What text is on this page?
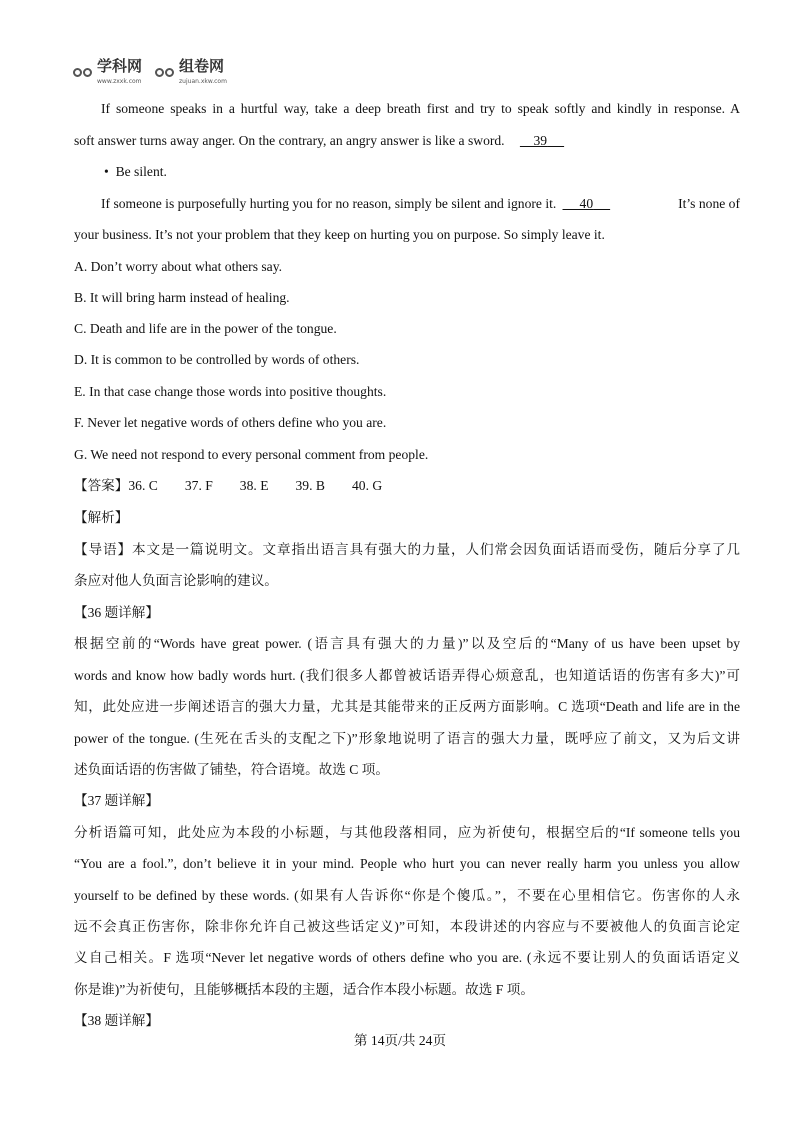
学科网
www.zxxk.com
组卷网
zujuan.xkw.com
If someone speaks in a hurtful way, take a deep breath first and try to speak softly and kindly in response. A
soft answer turns away anger. On the contrary, an angry answer is like a sword. 39
•  Be silent.
If someone is purposefully hurting you for no reason, simply be silent and ignore it. 40	It’s none of
your business. It’s not your problem that they keep on hurting you on purpose. So simply leave it.
A. Don’t worry about what others say.
B. It will bring harm instead of healing.
C. Death and life are in the power of the tongue.
D. It is common to be controlled by words of others.
E. In that case change those words into positive thoughts.
F. Never let negative words of others define who you are.
G. We need not respond to every personal comment from people.
【答案】36. C 37. F 38. E 39. B 40. G
【解析】
【导语】本文是一篇说明文。文章指出语言具有强大的力量，人们常会因负面话语而受伤，随后分享了几
条应对他人负面言论影响的建议。
【36 题详解】
根据空前的“Words have great power. (语言具有强大的力量)”以及空后的“Many of us have been upset by
words and know how badly words hurt. (我们很多人都曾被话语弄得心烦意乱，也知道话语的伤害有多大)”可
知，此处应进一步阐述语言的强大力量，尤其是其能带来的正反两方面影响。C 选项“Death and life are in the
power of the tongue. (生死在舌头的支配之下)”形象地说明了语言的强大力量，既呼应了前文，又为后文讲
述负面话语的伤害做了铺垫，符合语境。故选 C 项。
【37 题详解】
分析语篇可知，此处应为本段的小标题，与其他段落相同，应为祈使句，根据空后的“If someone tells you
“You are a fool.”, don’t believe it in your mind. People who hurt you can never really harm you unless you allow
yourself to be defined by these words. (如果有人告诉你“你是个傻瓜。”，不要在心里相信它。伤害你的人永
远不会真正伤害你，除非你允许自己被这些话定义)”可知，本段讲述的内容应与不要被他人的负面言论定
义自己相关。F 选项“Never let negative words of others define who you are. (永远不要让别人的负面话语定义
你是谁)”为祈使句，且能够概括本段的主题，适合作本段小标题。故选 F 项。
【38 题详解】
第 14页/共 24页
